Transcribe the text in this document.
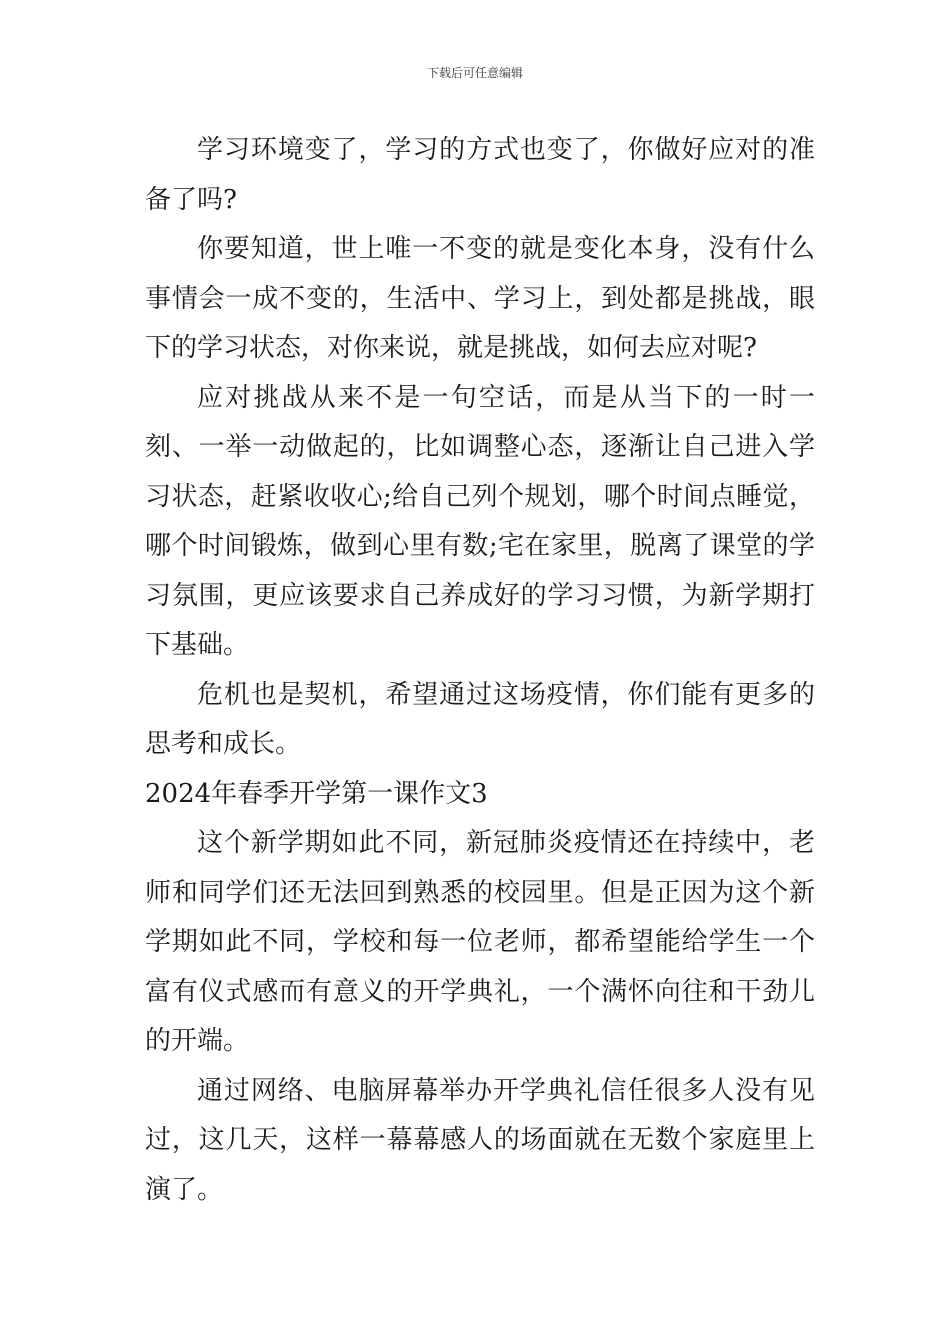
下载后可任意编辑

学习环境变了，学习的方式也变了，你做好应对的准备了吗?

你要知道，世上唯一不变的就是变化本身，没有什么事情会一成不变的，生活中、学习上，到处都是挑战，眼下的学习状态，对你来说，就是挑战，如何去应对呢?

应对挑战从来不是一句空话，而是从当下的一时一刻、一举一动做起的，比如调整心态，逐渐让自己进入学习状态，赶紧收收心;给自己列个规划，哪个时间点睡觉，哪个时间锻炼，做到心里有数;宅在家里，脱离了课堂的学习氛围，更应该要求自己养成好的学习习惯，为新学期打下基础。

危机也是契机，希望通过这场疫情，你们能有更多的思考和成长。

2024年春季开学第一课作文3

这个新学期如此不同，新冠肺炎疫情还在持续中，老师和同学们还无法回到熟悉的校园里。但是正因为这个新学期如此不同，学校和每一位老师，都希望能给学生一个富有仪式感而有意义的开学典礼，一个满怀向往和干劲儿的开端。

通过网络、电脑屏幕举办开学典礼信任很多人没有见过，这几天，这样一幕幕感人的场面就在无数个家庭里上演了。
